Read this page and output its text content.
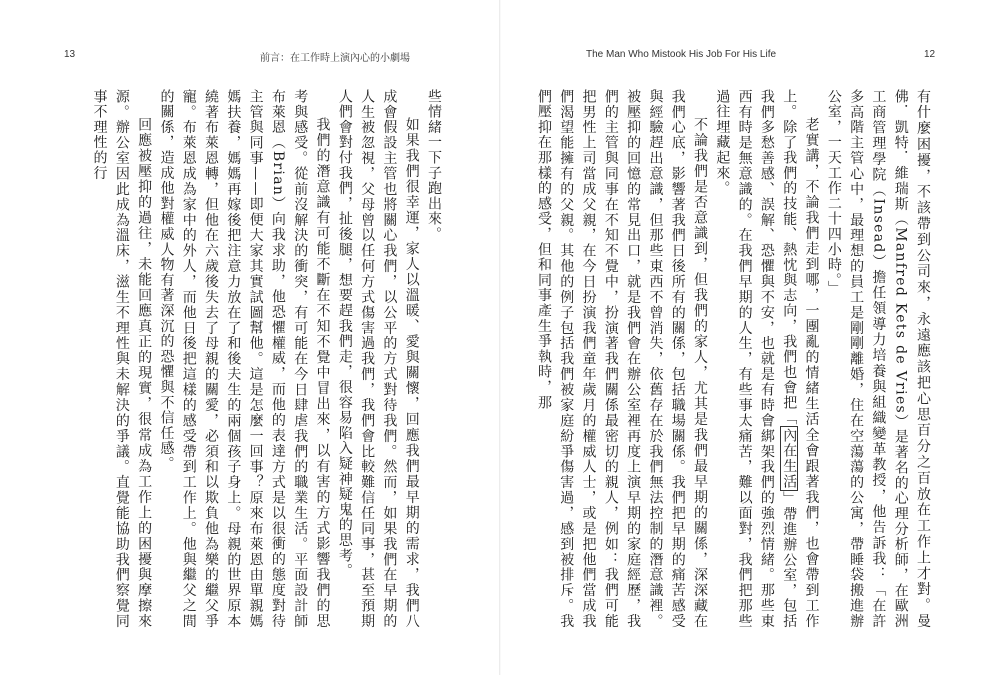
13	前言：在工作時上演內心的小劇場

些情緒一下子跑出來。

如果我們很幸運，家人以溫暖、愛與關懷，回應我們最早期的需求，我們八成會假設主管也將關心我們，以公平的方式對待我們。然而，如果我們在早期的人生被忽視，父母曾以任何方式傷害過我們，我們會比較難信任同事，甚至預期人們會對付我們，扯後腿，想要趕我們走，很容易陷入疑神疑鬼的思考。

我們的潛意識有可能不斷在不知不覺中冒出來，以有害的方式影響我們的思考與感受。從前沒解決的衝突，有可能在今日肆虐我們的職業生活。平面設計師布萊恩（Brian）向我求助，他恐懼權威，而他的表達方式是以很衝的態度對待主管與同事——即便大家其實試圖幫他。這是怎麼一回事？原來布萊恩由單親媽媽扶養，媽媽再嫁後把注意力放在了和後夫生的兩個孩子身上。母親的世界原本繞著布萊恩轉，但他在六歲後失去了母親的關愛，必須和以欺負他為樂的繼父爭寵。布萊恩成為家中的外人，而他日後把這樣的感受帶到工作上。他與繼父之間的關係，造成他對權威人物有著深沉的恐懼與不信任感。

回應被壓抑的過往，未能回應真正的現實，很常成為工作上的困擾與摩擦來源。辦公室因此成為溫床，滋生不理性與未解決的爭議。直覺能協助我們察覺同事不理性的行

The Man Who Mistook His Job For His Life	12

有什麼困擾，不該帶到公司來，永遠應該把心思百分之百放在工作上才對。曼佛．凱特．維瑞斯（Manfred Kets de Vries）是著名的心理分析師，在歐洲工商管理學院（Insead）擔任領導力培養與組織變革教授，他告訴我：「在許多高階主管心中，最理想的員工是剛剛離婚，住在空蕩蕩的公寓，帶睡袋搬進辦公室，一天工作二十四小時。」

老實講，不論我們走到哪，一團亂的情緒生活全會跟著我們，也會帶到工作上。除了我們的技能、熱忱與志向，我們也會把「內在生活」帶進辦公室，包括我們多愁善感、誤解、恐懼與不安，也就是有時會綁架我們的強烈情緒。那些東西有時是無意識的。在我們早期的人生，有些事太痛苦，難以面對，我們把那些過往埋藏起來。

不論我們是否意識到，但我們的家人，尤其是我們最早期的關係，深深藏在我們心底，影響著我們日後所有的關係，包括職場關係。我們把早期的痛苦感受與經驗趕出意識，但那些東西不曾消失，依舊存在於我們無法控制的潛意識裡。被壓抑的回憶的常見出口，就是我們會在辦公室裡再度上演早期的家庭經歷，我們的主管與同事在不知不覺中，扮演著我們關係最密切的親人，例如：我們可能把男性上司當成父親，在今日扮演我們童年歲月的權威人士，或是把他們當成我們渴望能擁有的父親。其他的例子包括我們被家庭紛爭傷害過，感到被排斥。我們壓抑在那樣的感受，但和同事產生爭執時，那
